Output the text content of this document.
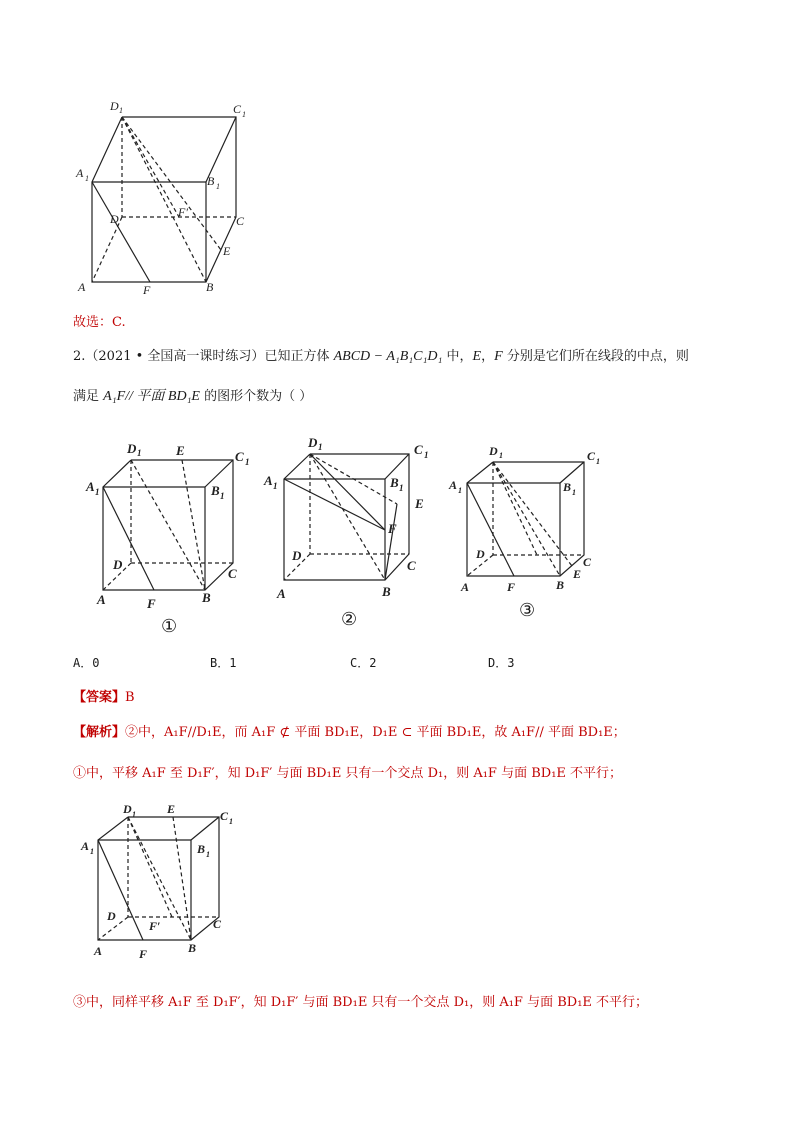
D 1	C 1
A 1	B 1
D	F′
C
E
A	F	B
故选：C.
2.（2021 • 全国高一课时练习）已知正方体 ABCD − A₁B₁C₁D₁ 中，E，F 分别是它们所在线段的中点，则
满足 A₁F// 平面 BD₁E 的图形个数为（ ）
D 1	E	C 1
A 1	B 1
D
C
A	F	B
①
D 1	C 1
A 1	B 1
E
F
D
C
A	B
②
D 1	C 1
A 1	B 1
D
C
E
A	F	B
③
A．0	B．1	C．2	D．3
【答案】B
【解析】②中，A₁F//D₁E，而 A₁F ⊄ 平面 BD₁E，D₁E ⊂ 平面 BD₁E，故 A₁F// 平面 BD₁E；
①中，平移 A₁F 至 D₁F′，知 D₁F′ 与面 BD₁E 只有一个交点 D₁，则 A₁F 与面 BD₁E 不平行；
D 1	E	C 1
A 1	B 1
D
F′	C
A	F	B
③中，同样平移 A₁F 至 D₁F′，知 D₁F′ 与面 BD₁E 只有一个交点 D₁，则 A₁F 与面 BD₁E 不平行；
